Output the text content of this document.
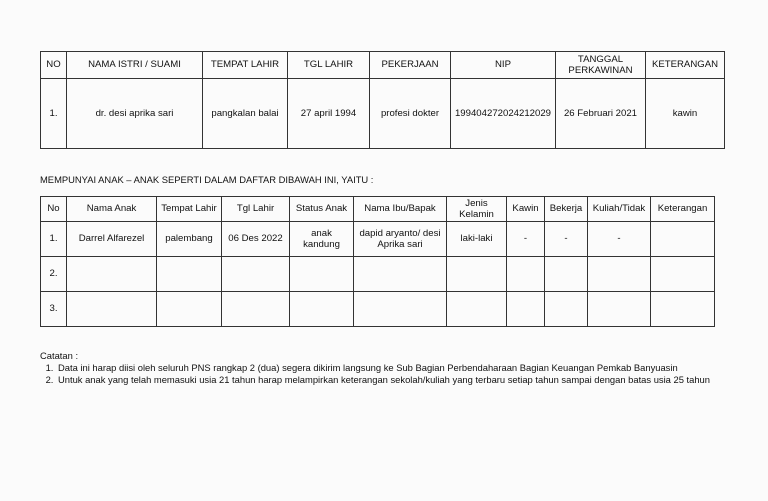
NO	NAMA ISTRI / SUAMI	TEMPAT LAHIR	TGL LAHIR	PEKERJAAN	NIP	TANGGAL PERKAWINAN	KETERANGAN
1.	dr. desi aprika sari	pangkalan balai	27 april 1994	profesi dokter	199404272024212029	26 Februari 2021	kawin
MEMPUNYAI ANAK – ANAK SEPERTI DALAM DAFTAR DIBAWAH INI, YAITU :
No	Nama Anak	Tempat Lahir	Tgl Lahir	Status Anak	Nama Ibu/Bapak	Jenis Kelamin	Kawin	Bekerja	Kuliah/Tidak	Keterangan
1.	Darrel Alfarezel	palembang	06 Des 2022	anak kandung	dapid aryanto/ desi Aprika sari	laki-laki	-	-	-	
2.										
3.										
Catatan :
1. Data ini harap diisi oleh seluruh PNS rangkap 2 (dua) segera dikirim langsung ke Sub Bagian Perbendaharaan Bagian Keuangan Pemkab Banyuasin
2. Untuk anak yang telah memasuki usia 21 tahun harap melampirkan keterangan sekolah/kuliah yang terbaru setiap tahun sampai dengan batas usia 25 tahun
